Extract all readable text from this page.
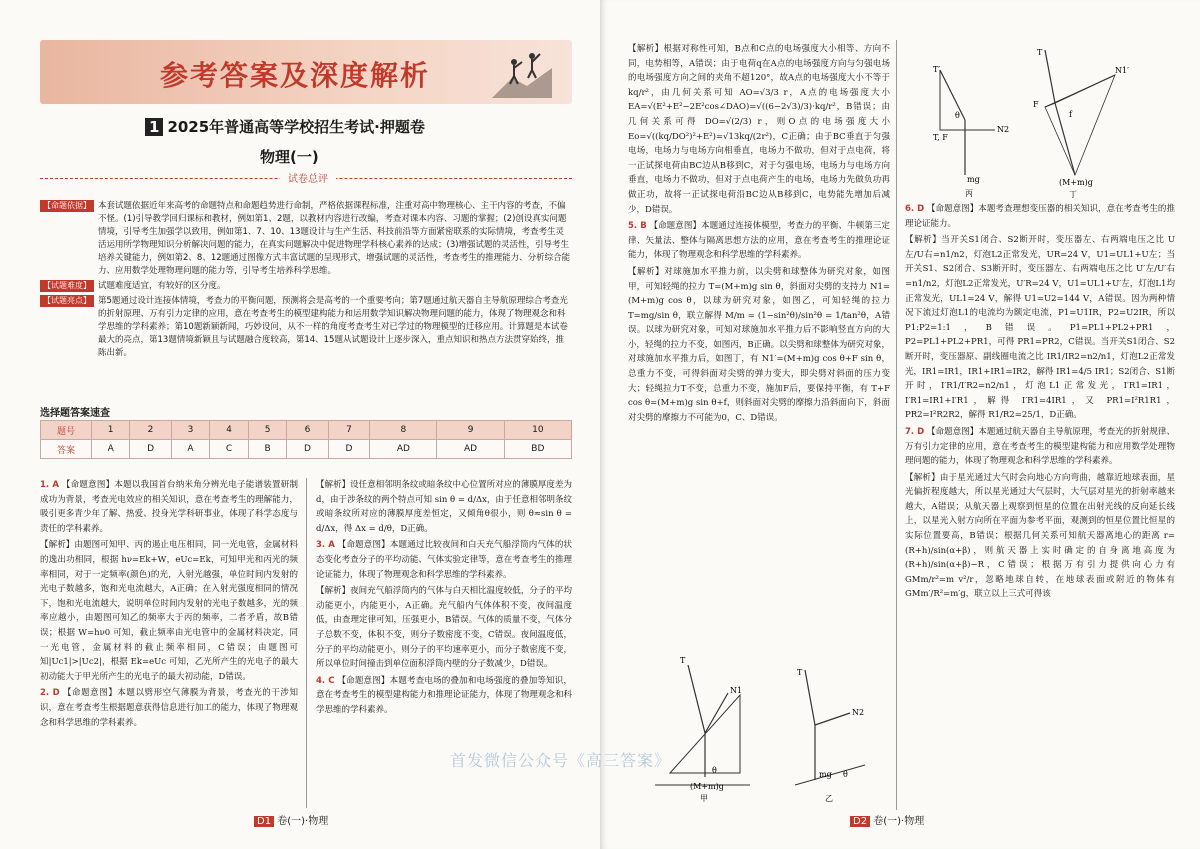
参考答案及深度解析
1 2025年普通高等学校招生考试·押题卷
物理(一)
试卷总评
【命题依据】 本套试题依据近年来高考的命题特点和命题趋势进行命制，严格依据课程标准，注重对高中物理核心、主干内容的考查，不偏不怪。(1)引导教学回归课标和教材，例如第1、2题，以教材内容进行改编，考查对课本内容、习题的掌握；(2)创设真实问题情境，引导考生加强学以致用，例如第1、7、10、13题设计与生产生活、科技前沿等方面紧密联系的实际情境，考查考生灵活运用所学物理知识分析解决问题的能力，在真实问题解决中促进物理学科核心素养的达成；(3)增强试题的灵活性，引导考生培养关键能力，例如第2、8、12题通过图像方式丰富试题的呈现形式，增强试题的灵活性，考查考生的推理能力、分析综合能力、应用数学处理物理问题的能力等，引导考生培养科学思维。
【试题难度】 试题难度适宜，有较好的区分度。
【试题亮点】 第5题通过设计连接体情境，考查力的平衡问题，预测将会是高考的一个重要考向；第7题通过航天器自主导航原理综合考查光的折射原理、万有引力定律的应用，意在考查考生的模型建构能力和运用数学知识解决物理问题的能力，体现了物理观念和科学思维的学科素养；第10题新颖新闻，巧妙设问，从不一样的角度考查考生对已学过的物理模型的迁移应用。计算题是本试卷最大的亮点，第13题情境新颖且与试题融合度较高，第14、15题从试题设计上逐步深入，重点知识和热点方法贯穿始终，推陈出新。
选择题答案速查
题号	1	2	3	4	5	6	7	8	9	10
答案	A	D	A	C	B	D	D	AD	AD	BD

1. A 【命题意图】本题以我国首台纳米角分辨光电子能谱装置研制成功为背景，考查光电效应的相关知识，意在考查考生的理解能力，吸引更多青少年了解、热爱、投身光学科研事业，体现了科学态度与责任的学科素养。

【解析】由题图可知甲、丙的遏止电压相同，同一光电管，金属材料的逸出功相同，根据 hν=Ek+W，eUc=Ek，可知甲光和丙光的频率相同，对于一定频率(颜色)的光，入射光越强，单位时间内发射的光电子数越多，饱和光电流越大，A正确；在入射光强度相同的情况下，饱和光电流越大，说明单位时间内发射的光电子数越多，光的频率应越小，由题图可知乙的频率大于丙的频率，二者矛盾，故B错误；根据 W=hν0 可知，截止频率由光电管中的金属材料决定，同一光电管，金属材料的截止频率相同，C错误；由题图可知|Uc1|>|Uc2|，根据 Ek=eUc 可知，乙光所产生的光电子的最大初动能大于甲光所产生的光电子的最大初动能，D错误。

2. D 【命题意图】本题以劈形空气薄膜为背景，考查光的干涉知识，意在考查考生根据题意获得信息进行加工的能力，体现了物理观念和科学思维的学科素养。

【解析】设任意相邻明条纹或暗条纹中心位置所对应的薄膜厚度差为 d，由于涉条纹的两个特点可知 sin θ = d/Δx，由于任意相邻明条纹或暗条纹所对应的薄膜厚度差恒定，又倾角θ很小，则 θ≈sin θ = d/Δx，得 Δx = d/θ，D正确。

3. A 【命题意图】本题通过比较夜间和白天充气船浮筒内气体的状态变化考查分子的平均动能、气体实验定律等，意在考查考生的推理论证能力，体现了物理观念和科学思维的学科素养。

【解析】夜间充气船浮筒内的气体与白天相比温度较低，分子的平均动能更小，内能更小，A正确。充气船内气体体积不变，夜间温度低，由查理定律可知，压强更小，B错误。气体的质量不变，气体分子总数不变，体积不变，则分子数密度不变，C错误。夜间温度低，分子的平均动能更小，则分子的平均速率更小，而分子数密度不变，所以单位时间撞击到单位面积浮筒内壁的分子数减少，D错误。

4. C 【命题意图】本题考查电场的叠加和电场强度的叠加等知识，意在考查考生的模型建构能力和推理论证能力，体现了物理观念和科学思维的学科素养。

D1 卷(一)·物理

【解析】根据对称性可知，B点和C点的电场强度大小相等、方向不同，电势相等，A错误；由于电荷q在A点的电场强度方向与匀强电场的电场强度方向之间的夹角不超120°，故A点的电场强度大小不等于 kq/r²，由几何关系可知 AO=√3/3 r，A点的电场强度大小 EA=√(E²+E²−2E²cos∠DAO)=√((6−2√3)/3)·kq/r²，B错误；由几何关系可得 DO=√(2/3) r，则O点的电场强度大小 Eo=√((kq/DO²)²+E²)=√13kq/(2r²)，C正确；由于BC垂直于匀强电场，电场力与电场方向相垂直，电场力不做功，但对于点电荷，将一正试探电荷由BC边从B移到C，对于匀强电场，电场力与电场方向垂直，电场力不做功，但对于点电荷产生的电场，电场力先做负功再做正功，故将一正试探电荷沿BC边从B移到C，电势能先增加后减少，D错误。

5. B 【命题意图】本题通过连接体模型，考查力的平衡、牛顿第三定律、矢量法、整体与隔离思想方法的应用，意在考查考生的推理论证能力，体现了物理观念和科学思维的学科素养。

【解析】对球施加水平推力前，以尖劈和球整体为研究对象，如图甲，可知轻绳的拉力 T=(M+m)g sin θ，斜面对尖劈的支持力 N1=(M+m)g cos θ，以球为研究对象，如图乙，可知轻绳的拉力 T=mg/sin θ，联立解得 M/m = (1−sin²θ)/sin²θ = 1/tan²θ，A错误。以球为研究对象，可知对球施加水平推力后不影响竖直方向的大小，轻绳的拉力不变，如图丙，B正确。以尖劈和球整体为研究对象，对球施加水平推力后，如图丁，有 N1′=(M+m)g cos θ+F sin θ，总重力不变，可得斜面对尖劈的弹力变大，即尖劈对斜面的压力变大；轻绳拉力T不变，总重力不变，施加F后，要保持平衡，有 T+F cos θ=(M+m)g sin θ+f，则斜面对尖劈的摩擦力沿斜面向下，斜面对尖劈的摩擦力不可能为0，C、D错误。

T
N1
(M+m)g
θ
甲
T
N2
mg θ
乙
T′
N2
T, F
mg
θ
丙
T
N1′
F
f
(M+m)g
丁

6. D 【命题意图】本题考查理想变压器的相关知识，意在考查考生的推理论证能力。

【解析】当开关S1闭合、S2断开时，变压器左、右两端电压之比 U左/U右=n1/n2，灯泡L2正常发光，UR=24 V，U1=UL1+U左；当开关S1、S2闭合、S3断开时，变压器左、右两端电压之比 U′左/U′右=n1/n2，灯泡L2正常发光，U′R=24 V，U1=UL1+U′左，灯泡L1均正常发光，UL1=24 V，解得 U1=U2=144 V，A错误。因为两种情况下流过灯泡L1的电流均为额定电流，P1=U1IR，P2=U2IR，所以 P1:P2=1:1，B错误。P1=PL1+PL2+PR1，P2=PL1+PL2+PR1，可得 PR1=PR2，C错误。当开关S1闭合、S2断开时，变压器原、副线圈电流之比 IR1/IR2=n2/n1，灯泡L2正常发光，IR1=IR1，IR1+IR1=IR2，解得 IR1=4/5 IR1；S2闭合、S1断开时，I′R1/I′R2=n2/n1，灯泡L1正常发光，I′R1=IR1，I′R1=IR1+I′R1，解得 I′R1=4IR1，又 PR1=I²R1R1，PR2=I²R2R2，解得 R1/R2=25/1，D正确。

7. D 【命题意图】本题通过航天器自主导航原理，考查光的折射规律、万有引力定律的应用，意在考查考生的模型建构能力和应用数学处理物理问题的能力，体现了物理观念和科学思维的学科素养。

【解析】由于星光通过大气时会向地心方向弯曲，越靠近地球表面，星光偏折程度越大，所以星光通过大气层时，大气层对星光的折射率越来越大，A错误；从航天器上观察到恒星的位置在出射光线的反向延长线上，以星光入射方向所在平面为参考平面，观测到的恒星位置比恒星的实际位置要高，B错误；根据几何关系可知航天器离地心的距离 r=(R+h)/sin(α+β)，则航天器上实时确定的自身离地高度为 (R+h)/sin(α+β)−R，C错误；根据万有引力提供向心力有 GMm/r²=m v²/r，忽略地球自转，在地球表面或附近的物体有 GMm′/R²=m′g，联立以上三式可得该

D2 卷(一)·物理
首发微信公众号《高三答案》
